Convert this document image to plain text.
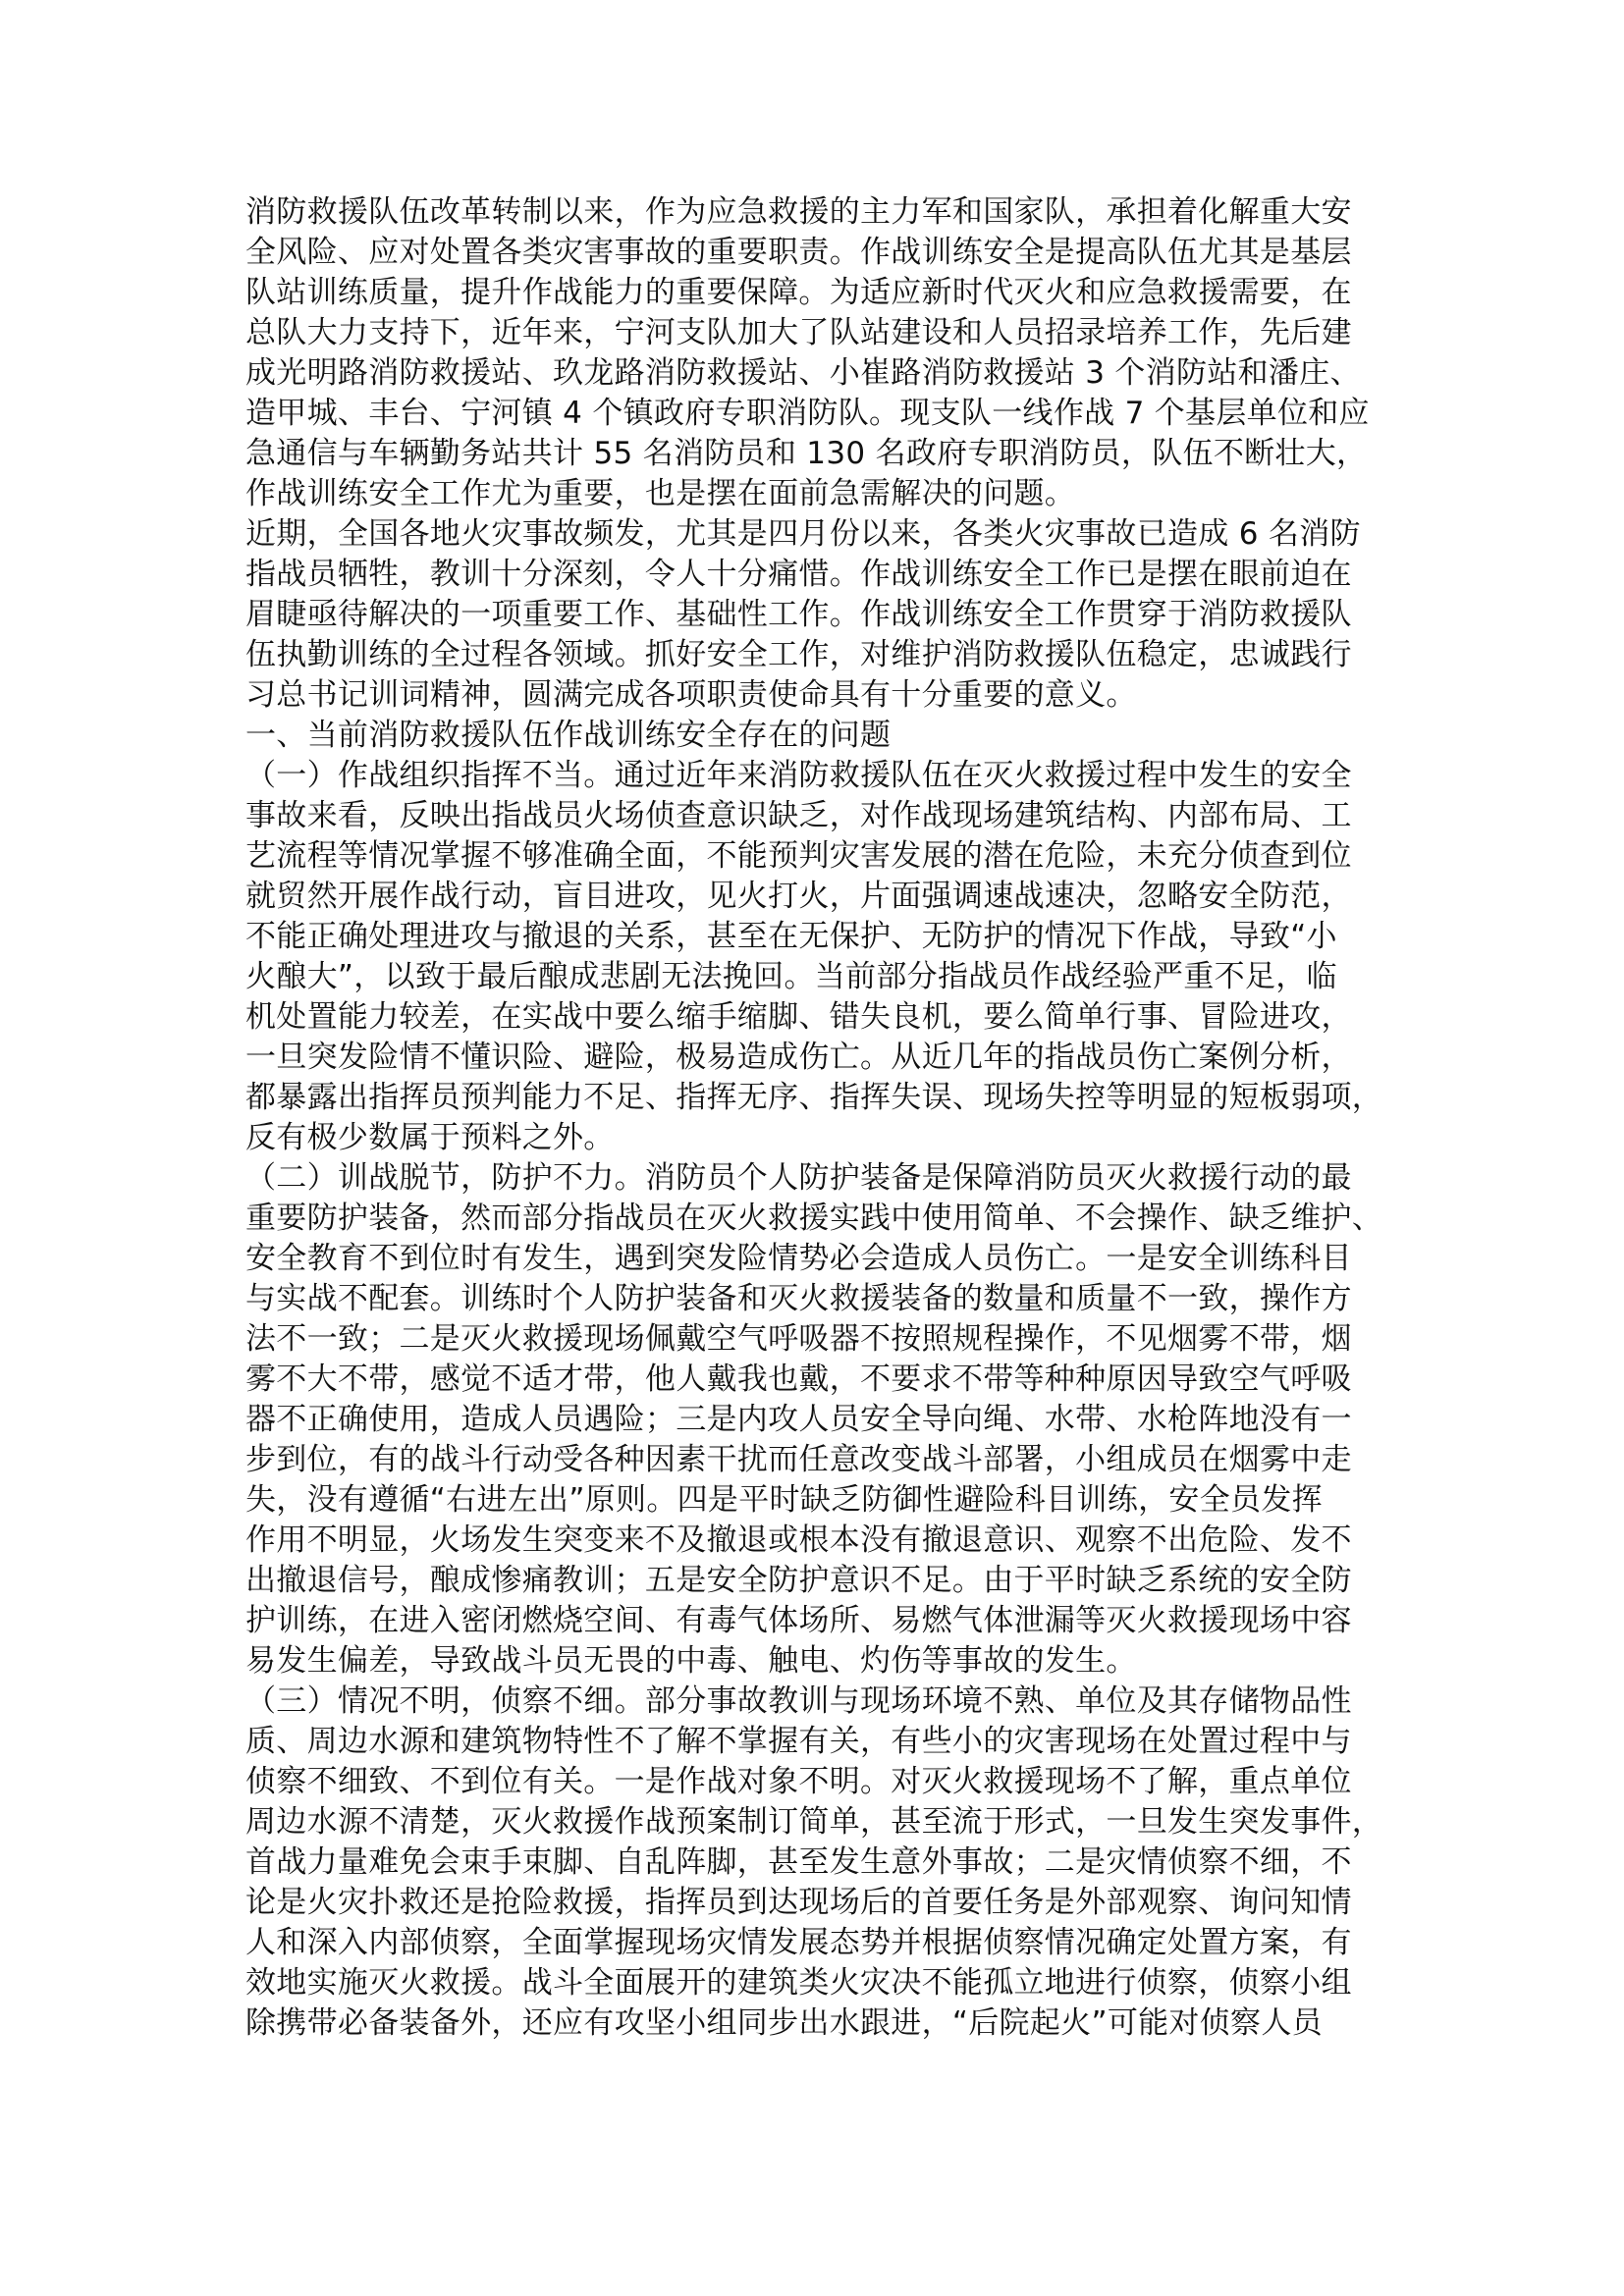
消防救援队伍改革转制以来，作为应急救援的主力军和国家队，承担着化解重大安
全风险、应对处置各类灾害事故的重要职责。作战训练安全是提高队伍尤其是基层
队站训练质量，提升作战能力的重要保障。为适应新时代灭火和应急救援需要，在
总队大力支持下，近年来，宁河支队加大了队站建设和人员招录培养工作，先后建
成光明路消防救援站、玖龙路消防救援站、小崔路消防救援站 3 个消防站和潘庄、
造甲城、丰台、宁河镇 4 个镇政府专职消防队。现支队一线作战 7 个基层单位和应
急通信与车辆勤务站共计 55 名消防员和 130 名政府专职消防员，队伍不断壮大，
作战训练安全工作尤为重要，也是摆在面前急需解决的问题。
近期，全国各地火灾事故频发，尤其是四月份以来，各类火灾事故已造成 6 名消防
指战员牺牲，教训十分深刻，令人十分痛惜。作战训练安全工作已是摆在眼前迫在
眉睫亟待解决的一项重要工作、基础性工作。作战训练安全工作贯穿于消防救援队
伍执勤训练的全过程各领域。抓好安全工作，对维护消防救援队伍稳定，忠诚践行
习总书记训词精神，圆满完成各项职责使命具有十分重要的意义。
一、当前消防救援队伍作战训练安全存在的问题
（一）作战组织指挥不当。通过近年来消防救援队伍在灭火救援过程中发生的安全
事故来看，反映出指战员火场侦查意识缺乏，对作战现场建筑结构、内部布局、工
艺流程等情况掌握不够准确全面，不能预判灾害发展的潜在危险，未充分侦查到位
就贸然开展作战行动，盲目进攻，见火打火，片面强调速战速决，忽略安全防范，
不能正确处理进攻与撤退的关系，甚至在无保护、无防护的情况下作战，导致“小
火酿大”，以致于最后酿成悲剧无法挽回。当前部分指战员作战经验严重不足，临
机处置能力较差，在实战中要么缩手缩脚、错失良机，要么简单行事、冒险进攻，
一旦突发险情不懂识险、避险，极易造成伤亡。从近几年的指战员伤亡案例分析，
都暴露出指挥员预判能力不足、指挥无序、指挥失误、现场失控等明显的短板弱项，
反有极少数属于预料之外。
（二）训战脱节，防护不力。消防员个人防护装备是保障消防员灭火救援行动的最
重要防护装备，然而部分指战员在灭火救援实践中使用简单、不会操作、缺乏维护、
安全教育不到位时有发生，遇到突发险情势必会造成人员伤亡。一是安全训练科目
与实战不配套。训练时个人防护装备和灭火救援装备的数量和质量不一致，操作方
法不一致；二是灭火救援现场佩戴空气呼吸器不按照规程操作，不见烟雾不带，烟
雾不大不带，感觉不适才带，他人戴我也戴，不要求不带等种种原因导致空气呼吸
器不正确使用，造成人员遇险；三是内攻人员安全导向绳、水带、水枪阵地没有一
步到位，有的战斗行动受各种因素干扰而任意改变战斗部署，小组成员在烟雾中走
失，没有遵循“右进左出”原则。四是平时缺乏防御性避险科目训练，安全员发挥
作用不明显，火场发生突变来不及撤退或根本没有撤退意识、观察不出危险、发不
出撤退信号，酿成惨痛教训；五是安全防护意识不足。由于平时缺乏系统的安全防
护训练，在进入密闭燃烧空间、有毒气体场所、易燃气体泄漏等灭火救援现场中容
易发生偏差，导致战斗员无畏的中毒、触电、灼伤等事故的发生。
（三）情况不明，侦察不细。部分事故教训与现场环境不熟、单位及其存储物品性
质、周边水源和建筑物特性不了解不掌握有关，有些小的灾害现场在处置过程中与
侦察不细致、不到位有关。一是作战对象不明。对灭火救援现场不了解，重点单位
周边水源不清楚，灭火救援作战预案制订简单，甚至流于形式，一旦发生突发事件，
首战力量难免会束手束脚、自乱阵脚，甚至发生意外事故；二是灾情侦察不细，不
论是火灾扑救还是抢险救援，指挥员到达现场后的首要任务是外部观察、询问知情
人和深入内部侦察，全面掌握现场灾情发展态势并根据侦察情况确定处置方案，有
效地实施灭火救援。战斗全面展开的建筑类火灾决不能孤立地进行侦察，侦察小组
除携带必备装备外，还应有攻坚小组同步出水跟进，“后院起火”可能对侦察人员
